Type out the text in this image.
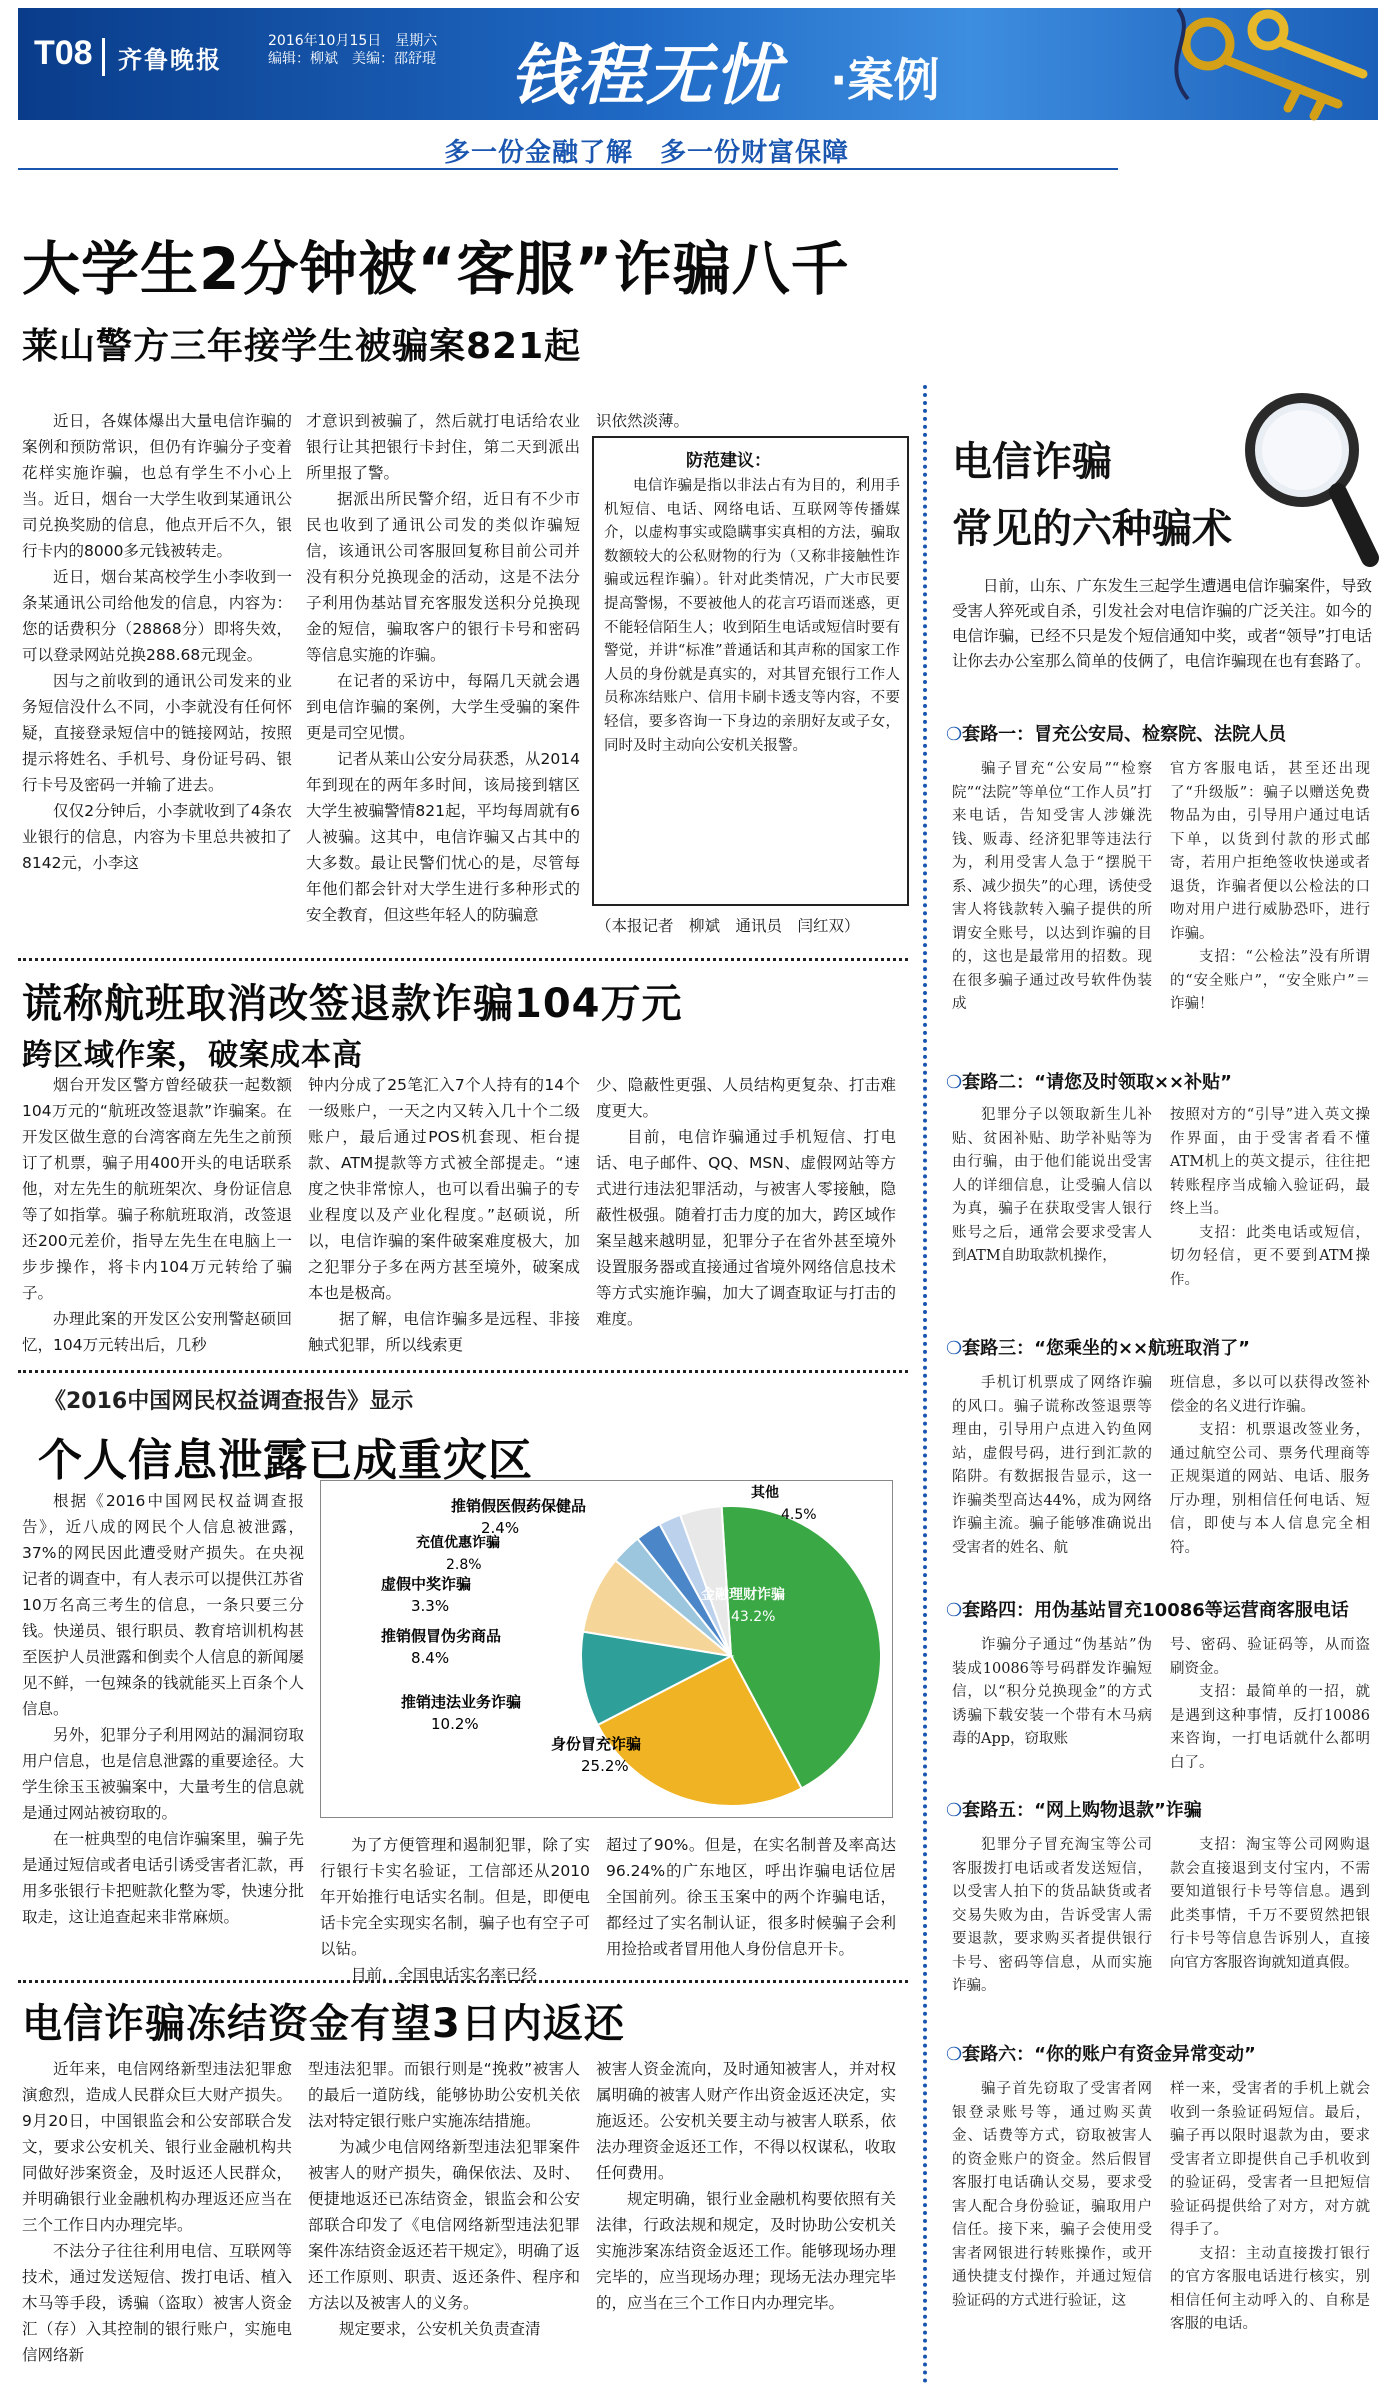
T08 齐鲁晚报
2016年10月15日　星期六
编辑：柳斌　美编：邵舒琨 钱程无忧 ·案例
多一份金融了解　多一份财富保障
大学生2分钟被“客服”诈骗八千
莱山警方三年接学生被骗案821起

近日，各媒体爆出大量电信诈骗的案例和预防常识，但仍有诈骗分子变着花样实施诈骗，也总有学生不小心上当。近日，烟台一大学生收到某通讯公司兑换奖励的信息，他点开后不久，银行卡内的8000多元钱被转走。

近日，烟台某高校学生小李收到一条某通讯公司给他发的信息，内容为：您的话费积分（28868分）即将失效，可以登录网站兑换288.68元现金。

因与之前收到的通讯公司发来的业务短信没什么不同，小李就没有任何怀疑，直接登录短信中的链接网站，按照提示将姓名、手机号、身份证号码、银行卡号及密码一并输了进去。

仅仅2分钟后，小李就收到了4条农业银行的信息，内容为卡里总共被扣了8142元，小李这

才意识到被骗了，然后就打电话给农业银行让其把银行卡封住，第二天到派出所里报了警。

据派出所民警介绍，近日有不少市民也收到了通讯公司发的类似诈骗短信，该通讯公司客服回复称目前公司并没有积分兑换现金的活动，这是不法分子利用伪基站冒充客服发送积分兑换现金的短信，骗取客户的银行卡号和密码等信息实施的诈骗。

在记者的采访中，每隔几天就会遇到电信诈骗的案例，大学生受骗的案件更是司空见惯。

记者从莱山公安分局获悉，从2014年到现在的两年多时间，该局接到辖区大学生被骗警情821起，平均每周就有6人被骗。这其中，电信诈骗又占其中的大多数。最让民警们忧心的是，尽管每年他们都会针对大学生进行多种形式的安全教育，但这些年轻人的防骗意

识依然淡薄。
防范建议：

电信诈骗是指以非法占有为目的，利用手机短信、电话、网络电话、互联网等传播媒介，以虚构事实或隐瞒事实真相的方法，骗取数额较大的公私财物的行为（又称非接触性诈骗或远程诈骗）。针对此类情况，广大市民要提高警惕，不要被他人的花言巧语而迷惑，更不能轻信陌生人；收到陌生电话或短信时要有警觉，并讲“标准”普通话和其声称的国家工作人员的身份就是真实的，对其冒充银行工作人员称冻结账户、信用卡刷卡透支等内容，不要轻信，要多咨询一下身边的亲朋好友或子女，同时及时主动向公安机关报警。

（本报记者　柳斌　通讯员　闫红双）
谎称航班取消改签退款诈骗104万元
跨区域作案，破案成本高

烟台开发区警方曾经破获一起数额104万元的“航班改签退款”诈骗案。在开发区做生意的台湾客商左先生之前预订了机票，骗子用400开头的电话联系他，对左先生的航班架次、身份证信息等了如指掌。骗子称航班取消，改签退还200元差价，指导左先生在电脑上一步步操作，将卡内104万元转给了骗子。

办理此案的开发区公安刑警赵硕回忆，104万元转出后，几秒

钟内分成了25笔汇入7个人持有的14个一级账户，一天之内又转入几十个二级账户，最后通过POS机套现、柜台提款、ATM提款等方式被全部提走。“速度之快非常惊人，也可以看出骗子的专业程度以及产业化程度。”赵硕说，所以，电信诈骗的案件破案难度极大，加之犯罪分子多在两方甚至境外，破案成本也是极高。

据了解，电信诈骗多是远程、非接触式犯罪，所以线索更

少、隐蔽性更强、人员结构更复杂、打击难度更大。

目前，电信诈骗通过手机短信、打电话、电子邮件、QQ、MSN、虚假网站等方式进行违法犯罪活动，与被害人零接触，隐蔽性极强。随着打击力度的加大，跨区域作案呈越来越明显，犯罪分子在省外甚至境外设置服务器或直接通过省境外网络信息技术等方式实施诈骗，加大了调查取证与打击的难度。

《2016中国网民权益调查报告》显示
个人信息泄露已成重灾区

根据《2016中国网民权益调查报告》，近八成的网民个人信息被泄露，37%的网民因此遭受财产损失。在央视记者的调查中，有人表示可以提供江苏省10万名高三考生的信息，一条只要三分钱。快递员、银行职员、教育培训机构甚至医护人员泄露和倒卖个人信息的新闻屡见不鲜，一包辣条的钱就能买上百条个人信息。

另外，犯罪分子利用网站的漏洞窃取用户信息，也是信息泄露的重要途径。大学生徐玉玉被骗案中，大量考生的信息就是通过网站被窃取的。

在一桩典型的电信诈骗案里，骗子先是通过短信或者电话引诱受害者汇款，再用多张银行卡把赃款化整为零，快速分批取走，这让追查起来非常麻烦。

金融理财诈骗
43.2%
身份冒充诈骗
25.2%
推销违法业务诈骗
10.2%
推销假冒伪劣商品
8.4%
虚假中奖诈骗
3.3%
充值优惠诈骗
2.8%
推销假医假药保健品
2.4%
其他
4.5%

为了方便管理和遏制犯罪，除了实行银行卡实名验证，工信部还从2010年开始推行电话实名制。但是，即便电话卡完全实现实名制，骗子也有空子可以钻。

目前，全国电话实名率已经

超过了90%。但是，在实名制普及率高达96.24%的广东地区，呼出诈骗电话位居全国前列。徐玉玉案中的两个诈骗电话，都经过了实名制认证，很多时候骗子会利用捡拾或者冒用他人身份信息开卡。

电信诈骗冻结资金有望3日内返还

近年来，电信网络新型违法犯罪愈演愈烈，造成人民群众巨大财产损失。9月20日，中国银监会和公安部联合发文，要求公安机关、银行业金融机构共同做好涉案资金，及时返还人民群众，并明确银行业金融机构办理返还应当在三个工作日内办理完毕。

不法分子往往利用电信、互联网等技术，通过发送短信、拨打电话、植入木马等手段，诱骗（盗取）被害人资金汇（存）入其控制的银行账户，实施电信网络新

型违法犯罪。而银行则是“挽救”被害人的最后一道防线，能够协助公安机关依法对特定银行账户实施冻结措施。

为减少电信网络新型违法犯罪案件被害人的财产损失，确保依法、及时、便捷地返还已冻结资金，银监会和公安部联合印发了《电信网络新型违法犯罪案件冻结资金返还若干规定》，明确了返还工作原则、职责、返还条件、程序和方法以及被害人的义务。

规定要求，公安机关负责查清

被害人资金流向，及时通知被害人，并对权属明确的被害人财产作出资金返还决定，实施返还。公安机关要主动与被害人联系，依法办理资金返还工作，不得以权谋私，收取任何费用。

规定明确，银行业金融机构要依照有关法律，行政法规和规定，及时协助公安机关实施涉案冻结资金返还工作。能够现场办理完毕的，应当现场办理；现场无法办理完毕的，应当在三个工作日内办理完毕。

电信诈骗
常见的六种骗术

日前，山东、广东发生三起学生遭遇电信诈骗案件，导致受害人猝死或自杀，引发社会对电信诈骗的广泛关注。如今的电信诈骗，已经不只是发个短信通知中奖，或者“领导”打电话让你去办公室那么简单的伎俩了，电信诈骗现在也有套路了。

❍套路一：冒充公安局、检察院、法院人员

骗子冒充“公安局”“检察院”“法院”等单位“工作人员”打来电话，告知受害人涉嫌洗钱、贩毒、经济犯罪等违法行为，利用受害人急于“摆脱干系、减少损失”的心理，诱使受害人将钱款转入骗子提供的所谓安全账号，以达到诈骗的目的，这也是最常用的招数。现在很多骗子通过改号软件伪装成

官方客服电话，甚至还出现了“升级版”：骗子以赠送免费物品为由，引导用户通过电话下单，以货到付款的形式邮寄，若用户拒绝签收快递或者退货，诈骗者便以公检法的口吻对用户进行威胁恐吓，进行诈骗。

支招：“公检法”没有所谓的“安全账户”，“安全账户”＝诈骗！

❍套路二：“请您及时领取××补贴”

犯罪分子以领取新生儿补贴、贫困补贴、助学补贴等为由行骗，由于他们能说出受害人的详细信息，让受骗人信以为真，骗子在获取受害人银行账号之后，通常会要求受害人到ATM自助取款机操作，

按照对方的“引导”进入英文操作界面，由于受害者看不懂ATM机上的英文提示，往往把转账程序当成输入验证码，最终上当。

支招：此类电话或短信，切勿轻信，更不要到ATM操作。

❍套路三：“您乘坐的××航班取消了”

手机订机票成了网络诈骗的风口。骗子谎称改签退票等理由，引导用户点进入钓鱼网站，虚假号码，进行到汇款的陷阱。有数据报告显示，这一诈骗类型高达44%，成为网络诈骗主流。骗子能够准确说出受害者的姓名、航

班信息，多以可以获得改签补偿金的名义进行诈骗。

支招：机票退改签业务，通过航空公司、票务代理商等正规渠道的网站、电话、服务厅办理，别相信任何电话、短信，即使与本人信息完全相符。

❍套路四：用伪基站冒充10086等运营商客服电话

诈骗分子通过“伪基站”伪装成10086等号码群发诈骗短信，以“积分兑换现金”的方式诱骗下载安装一个带有木马病毒的App，窃取账

号、密码、验证码等，从而盗刷资金。

支招：最简单的一招，就是遇到这种事情，反打10086来咨询，一打电话就什么都明白了。

❍套路五：“网上购物退款”诈骗

犯罪分子冒充淘宝等公司客服拨打电话或者发送短信，以受害人拍下的货品缺货或者交易失败为由，告诉受害人需要退款，要求购买者提供银行卡号、密码等信息，从而实施诈骗。

支招：淘宝等公司网购退款会直接退到支付宝内，不需要知道银行卡号等信息。遇到此类事情，千万不要贸然把银行卡号等信息告诉别人，直接向官方客服咨询就知道真假。

❍套路六：“你的账户有资金异常变动”

骗子首先窃取了受害者网银登录账号等，通过购买黄金、话费等方式，窃取被害人的资金账户的资金。然后假冒客服打电话确认交易，要求受害人配合身份验证，骗取用户信任。接下来，骗子会使用受害者网银进行转账操作，或开通快捷支付操作，并通过短信验证码的方式进行验证，这

样一来，受害者的手机上就会收到一条验证码短信。最后，骗子再以限时退款为由，要求受害者立即提供自己手机收到的验证码，受害者一旦把短信验证码提供给了对方，对方就得手了。

支招：主动直接拨打银行的官方客服电话进行核实，别相信任何主动呼入的、自称是客服的电话。
